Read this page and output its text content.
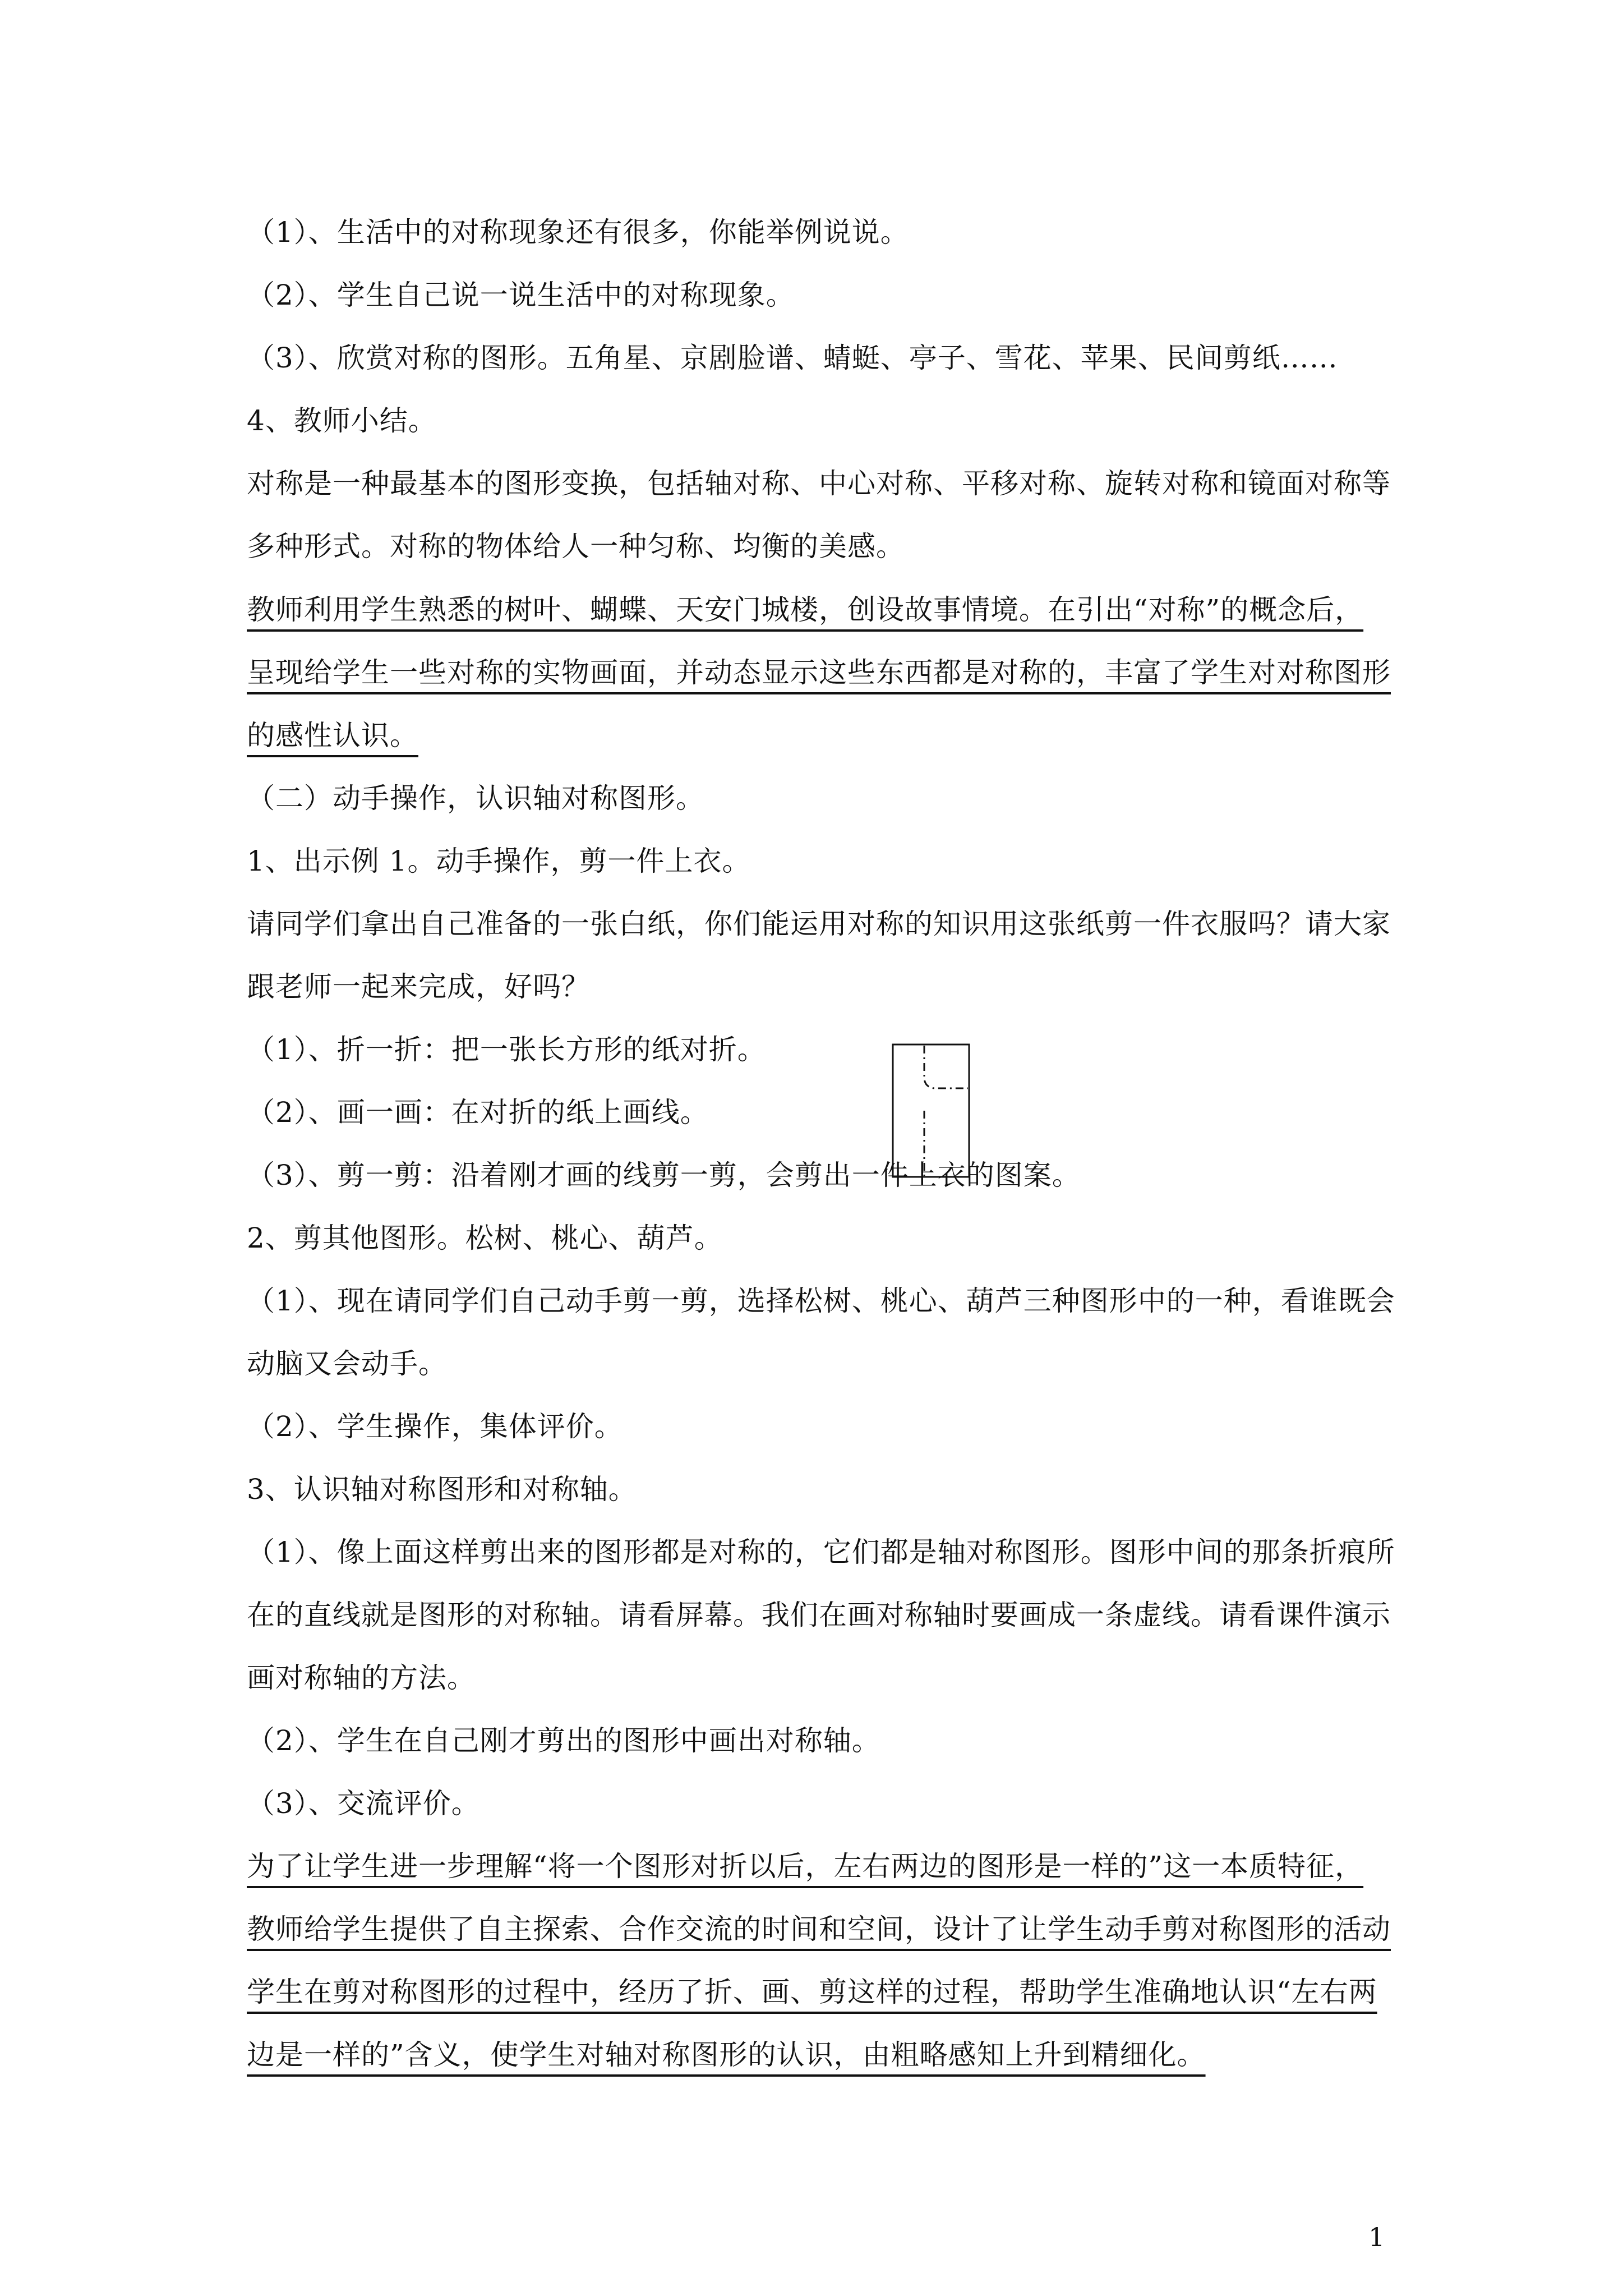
（1）、生活中的对称现象还有很多，你能举例说说。
（2）、学生自己说一说生活中的对称现象。
（3）、欣赏对称的图形。五角星、京剧脸谱、蜻蜓、亭子、雪花、苹果、民间剪纸……
4、教师小结。
对称是一种最基本的图形变换，包括轴对称、中心对称、平移对称、旋转对称和镜面对称等
多种形式。对称的物体给人一种匀称、均衡的美感。
教师利用学生熟悉的树叶、蝴蝶、天安门城楼，创设故事情境。在引出“对称”的概念后，
呈现给学生一些对称的实物画面，并动态显示这些东西都是对称的，丰富了学生对对称图形
的感性认识。
（二）动手操作，认识轴对称图形。
1、出示例 1。动手操作，剪一件上衣。
请同学们拿出自己准备的一张白纸，你们能运用对称的知识用这张纸剪一件衣服吗？请大家
跟老师一起来完成，好吗？
（1）、折一折：把一张长方形的纸对折。
（2）、画一画：在对折的纸上画线。
（3）、剪一剪：沿着刚才画的线剪一剪，会剪出一件上衣的图案。
2、剪其他图形。松树、桃心、葫芦。
（1）、现在请同学们自己动手剪一剪，选择松树、桃心、葫芦三种图形中的一种，看谁既会
动脑又会动手。
（2）、学生操作，集体评价。
3、认识轴对称图形和对称轴。
（1）、像上面这样剪出来的图形都是对称的，它们都是轴对称图形。图形中间的那条折痕所
在的直线就是图形的对称轴。请看屏幕。我们在画对称轴时要画成一条虚线。请看课件演示
画对称轴的方法。
（2）、学生在自己刚才剪出的图形中画出对称轴。
（3）、交流评价。
为了让学生进一步理解“将一个图形对折以后，左右两边的图形是一样的”这一本质特征，
教师给学生提供了自主探索、合作交流的时间和空间，设计了让学生动手剪对称图形的活动
学生在剪对称图形的过程中，经历了折、画、剪这样的过程，帮助学生准确地认识“左右两
边是一样的”含义，使学生对轴对称图形的认识，由粗略感知上升到精细化。
1
